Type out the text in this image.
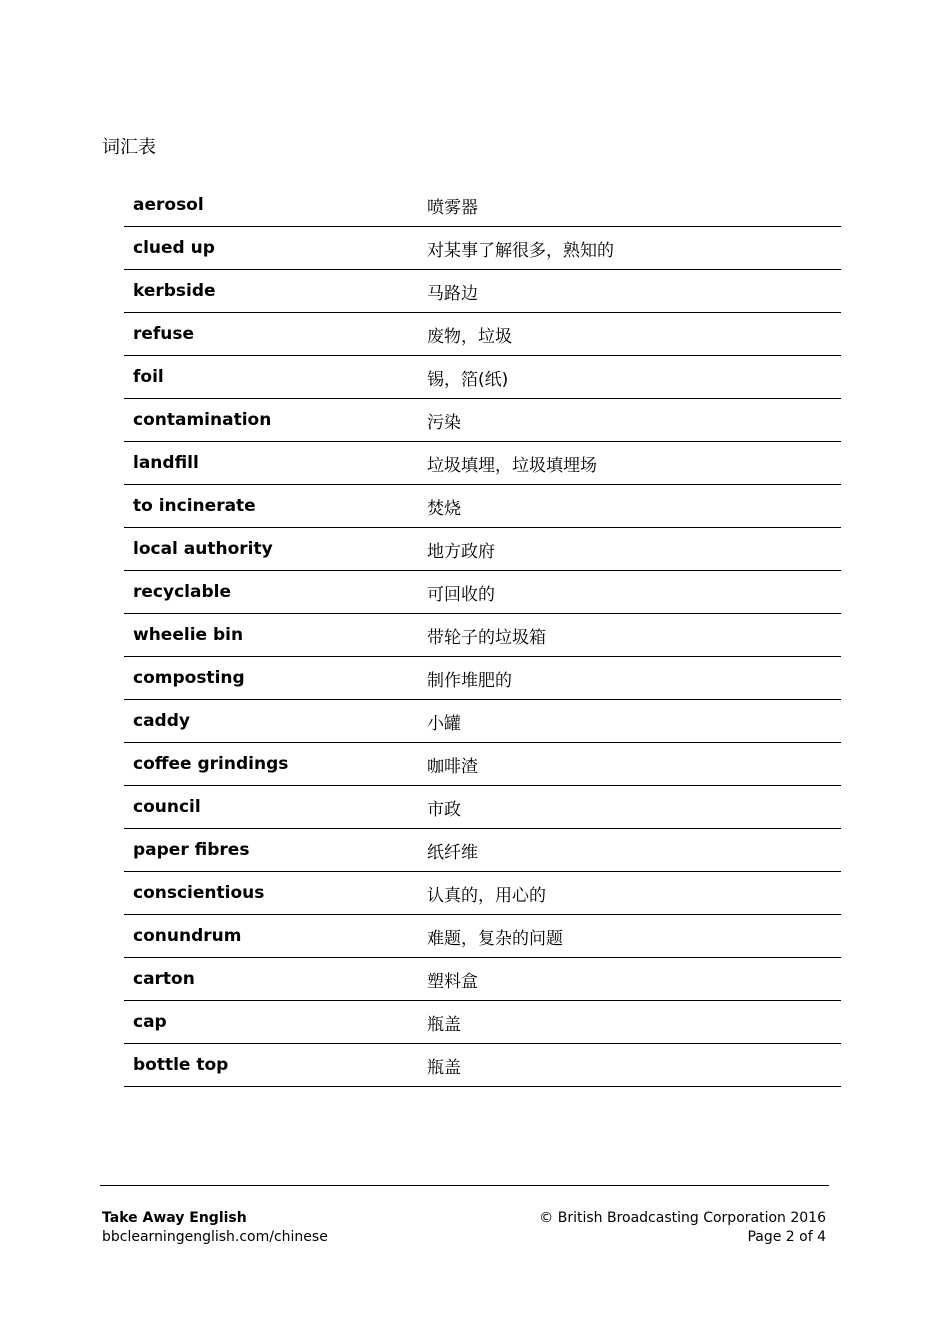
词汇表
aerosol	喷雾器
clued up	对某事了解很多，熟知的
kerbside	马路边
refuse	废物，垃圾
foil	锡，箔(纸)
contamination	污染
landfill	垃圾填埋，垃圾填埋场
to incinerate	焚烧
local authority	地方政府
recyclable	可回收的
wheelie bin	带轮子的垃圾箱
composting	制作堆肥的
caddy	小罐
coffee grindings	咖啡渣
council	市政
paper fibres	纸纤维
conscientious	认真的，用心的
conundrum	难题，复杂的问题
carton	塑料盒
cap	瓶盖
bottle top	瓶盖
Take Away English
bbclearningenglish.com/chinese
© British Broadcasting Corporation 2016
Page 2 of 4
